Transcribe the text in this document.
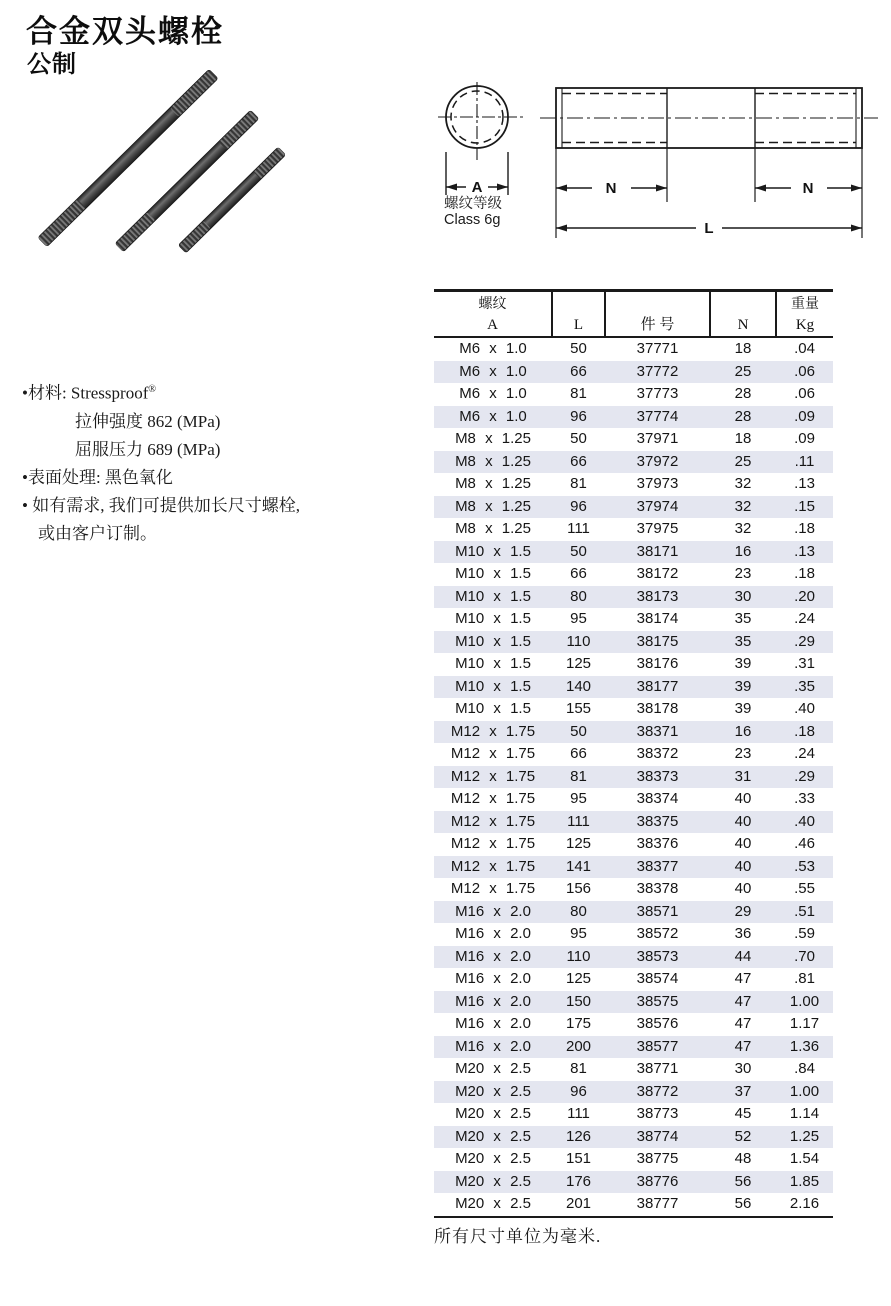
合金双头螺栓
公制
A	N	N
L
螺纹等级
Class 6g
•材料: Stressproof®
拉伸强度 862 (MPa)
屈服压力 689 (MPa)
•表面处理: 黑色氧化
• 如有需求, 我们可提供加长尺寸螺栓,
或由客户订制。
螺纹
A	L	件 号	N

重量
Kg

M6 x 1.0	50	37771	18	.04
M6 x 1.0	66	37772	25	.06
M6 x 1.0	81	37773	28	.06
M6 x 1.0	96	37774	28	.09
M8 x 1.25	50	37971	18	.09
M8 x 1.25	66	37972	25	.11
M8 x 1.25	81	37973	32	.13
M8 x 1.25	96	37974	32	.15
M8 x 1.25	111	37975	32	.18
M10 x 1.5	50	38171	16	.13
M10 x 1.5	66	38172	23	.18
M10 x 1.5	80	38173	30	.20
M10 x 1.5	95	38174	35	.24
M10 x 1.5	110	38175	35	.29
M10 x 1.5	125	38176	39	.31
M10 x 1.5	140	38177	39	.35
M10 x 1.5	155	38178	39	.40
M12 x 1.75	50	38371	16	.18
M12 x 1.75	66	38372	23	.24
M12 x 1.75	81	38373	31	.29
M12 x 1.75	95	38374	40	.33
M12 x 1.75	111	38375	40	.40
M12 x 1.75	125	38376	40	.46
M12 x 1.75	141	38377	40	.53
M12 x 1.75	156	38378	40	.55
M16 x 2.0	80	38571	29	.51
M16 x 2.0	95	38572	36	.59
M16 x 2.0	110	38573	44	.70
M16 x 2.0	125	38574	47	.81
M16 x 2.0	150	38575	47	1.00
M16 x 2.0	175	38576	47	1.17
M16 x 2.0	200	38577	47	1.36
M20 x 2.5	81	38771	30	.84
M20 x 2.5	96	38772	37	1.00
M20 x 2.5	111	38773	45	1.14
M20 x 2.5	126	38774	52	1.25
M20 x 2.5	151	38775	48	1.54
M20 x 2.5	176	38776	56	1.85
M20 x 2.5	201	38777	56	2.16
所有尺寸单位为毫米.
